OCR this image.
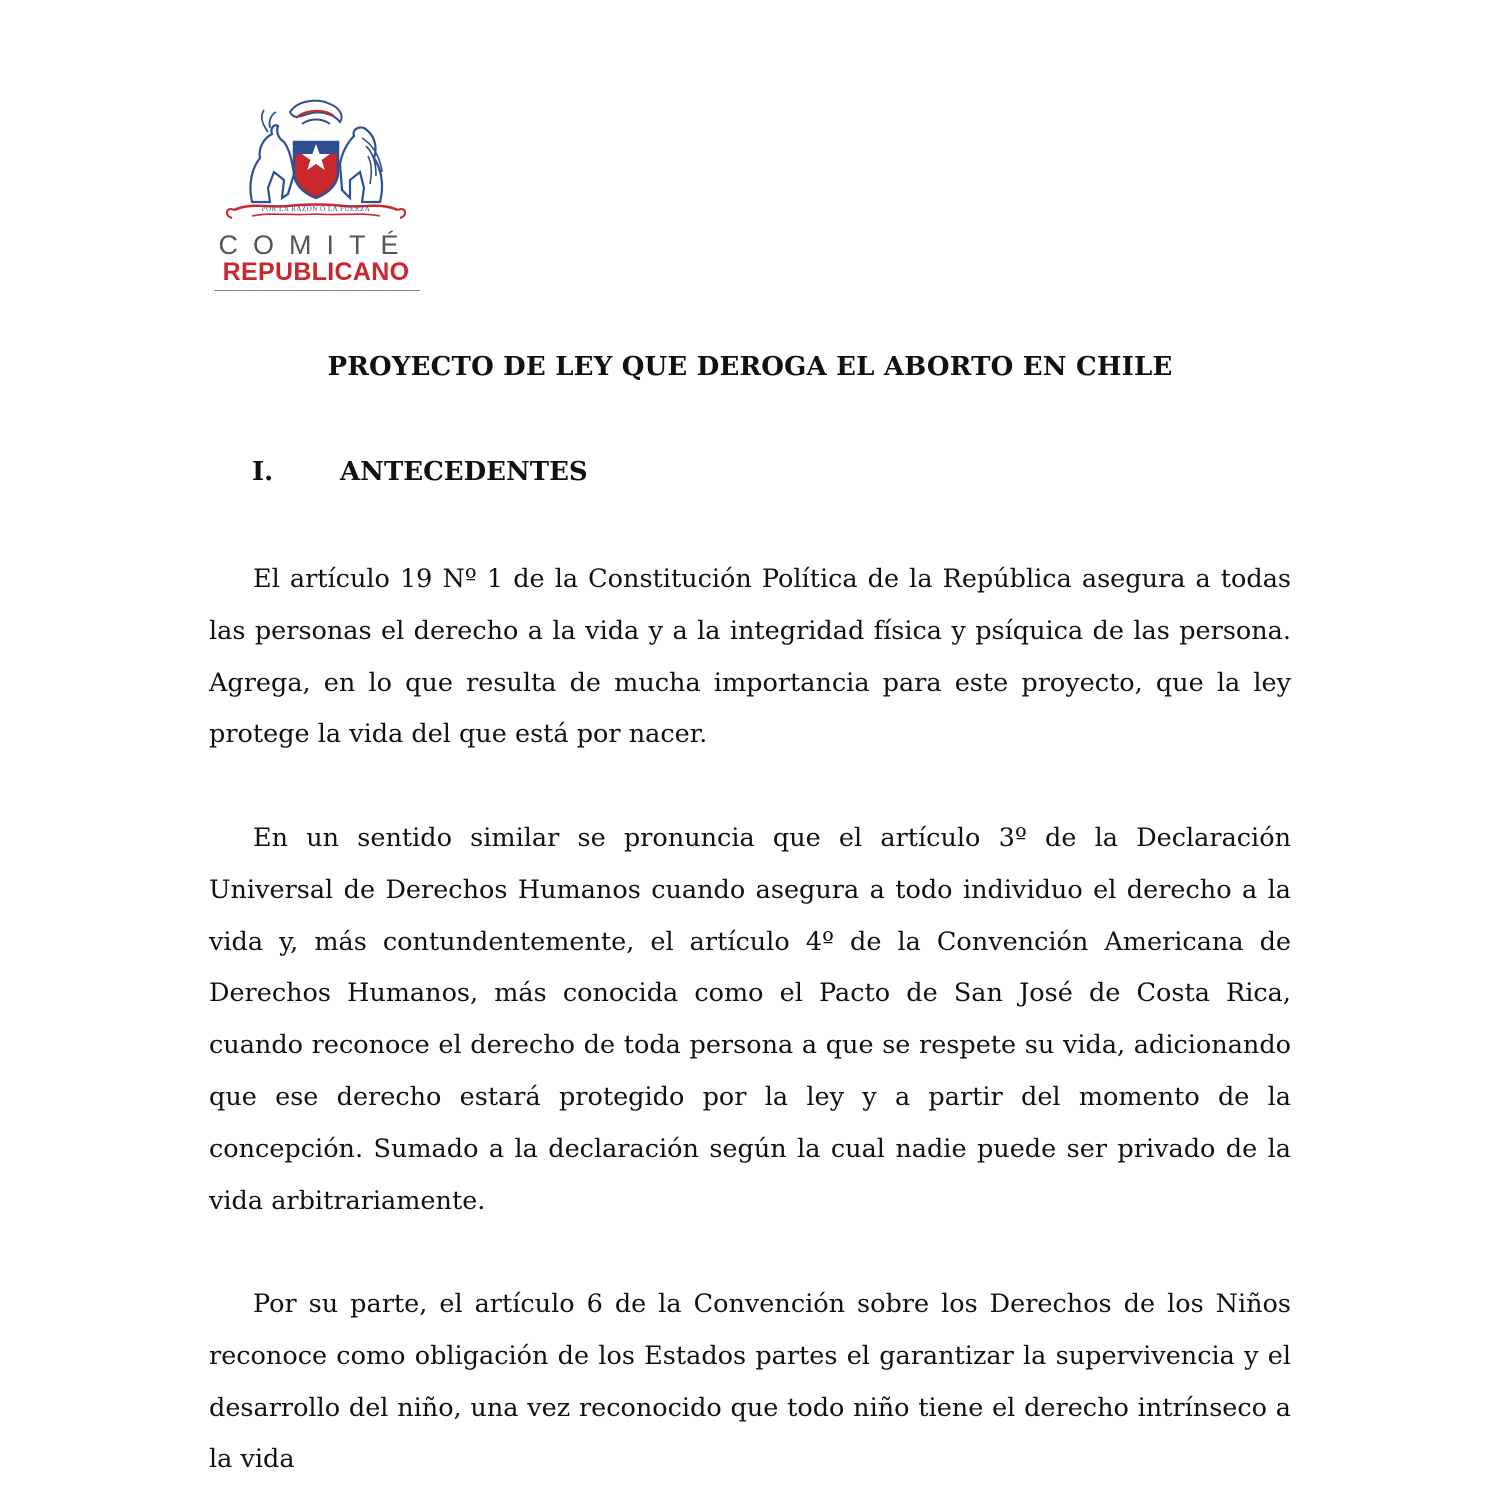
POR LA RAZON O LA FUERZA
COMITÉ
REPUBLICANO
PROYECTO DE LEY QUE DEROGA EL ABORTO EN CHILE
I.	ANTECEDENTES

El artículo 19 Nº 1 de la Constitución Política de la República asegura a todas las personas el derecho a la vida y a la integridad física y psíquica de las persona. Agrega, en lo que resulta de mucha importancia para este proyecto, que la ley protege la vida del que está por nacer.

En un sentido similar se pronuncia que el artículo 3º de la Declaración Universal de Derechos Humanos cuando asegura a todo individuo el derecho a la vida y, más contundentemente, el artículo 4º de la Convención Americana de Derechos Humanos, más conocida como el Pacto de San José de Costa Rica, cuando reconoce el derecho de toda persona a que se respete su vida, adicionando que ese derecho estará protegido por la ley y a partir del momento de la concepción. Sumado a la declaración según la cual nadie puede ser privado de la vida arbitrariamente.

Por su parte, el artículo 6 de la Convención sobre los Derechos de los Niños reconoce como obligación de los Estados partes el garantizar la supervivencia y el desarrollo del niño, una vez reconocido que todo niño tiene el derecho intrínseco a la vida
